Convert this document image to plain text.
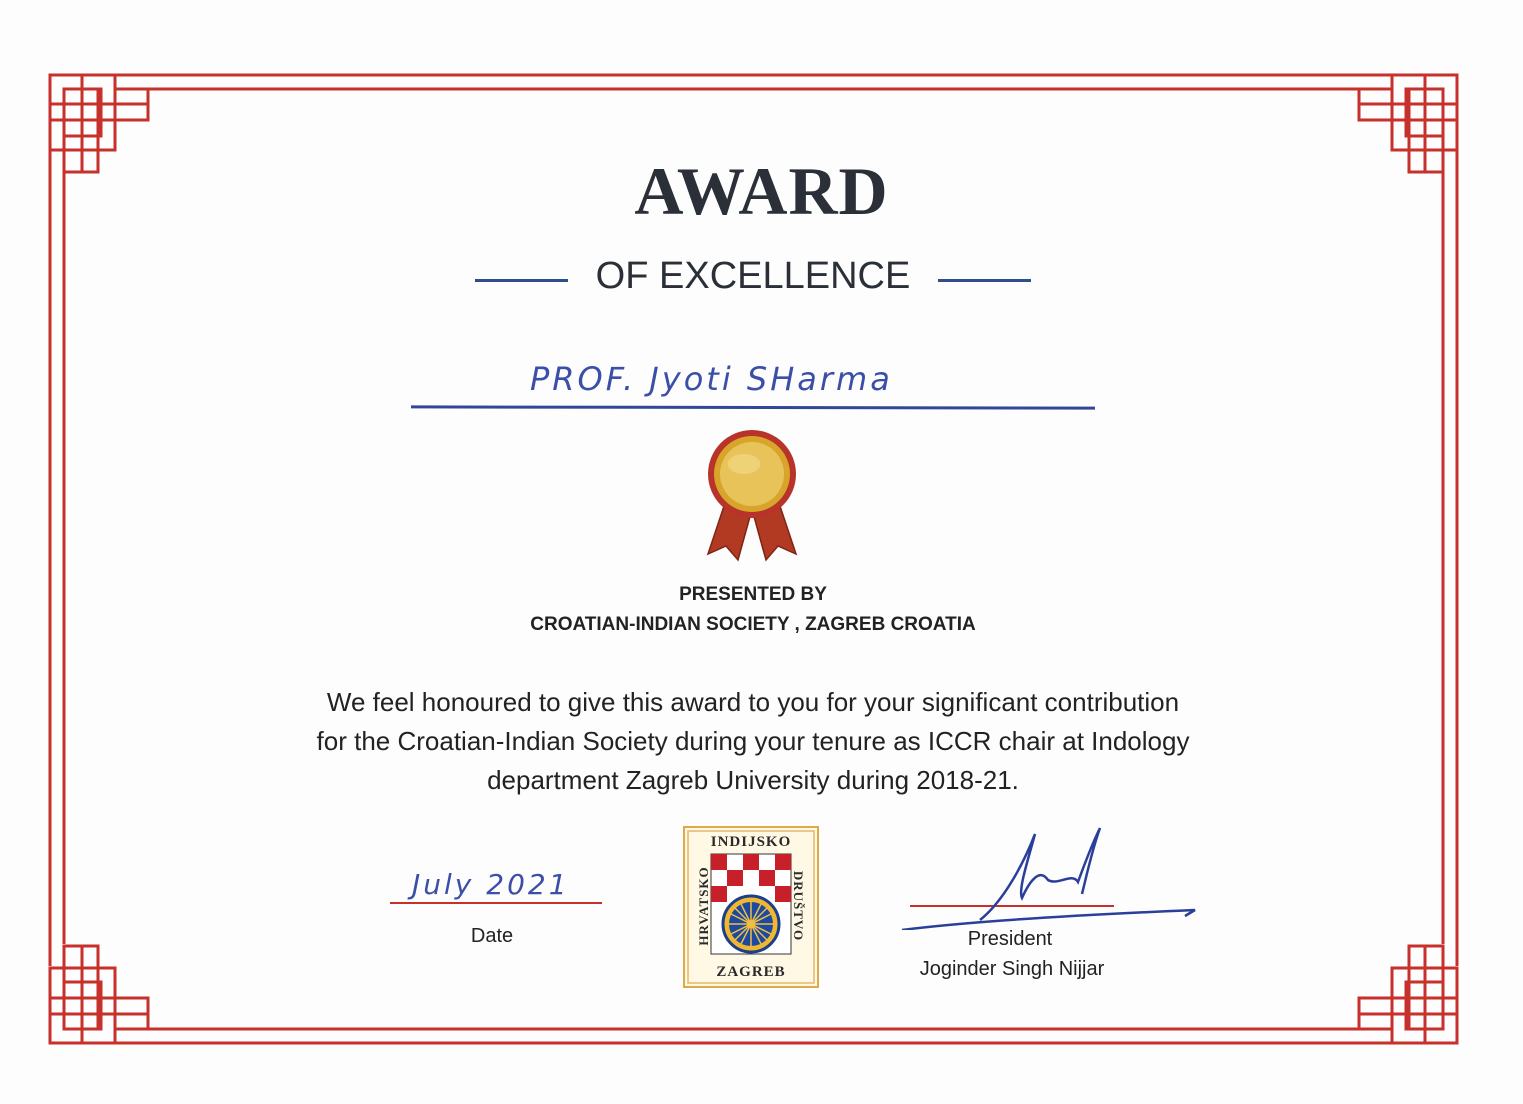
AWARD
OF EXCELLENCE
PROF. Jyoti SHarma
PRESENTED BY
CROATIAN-INDIAN SOCIETY , ZAGREB CROATIA
We feel honoured to give this award to you for your significant contribution
for the Croatian-Indian Society during your tenure as ICCR chair at Indology
department Zagreb University during 2018-21.
July 2021
Date
INDIJSKO
HRVATSKO	DRUŠTVO
ZAGREB
President
Joginder Singh Nijjar
